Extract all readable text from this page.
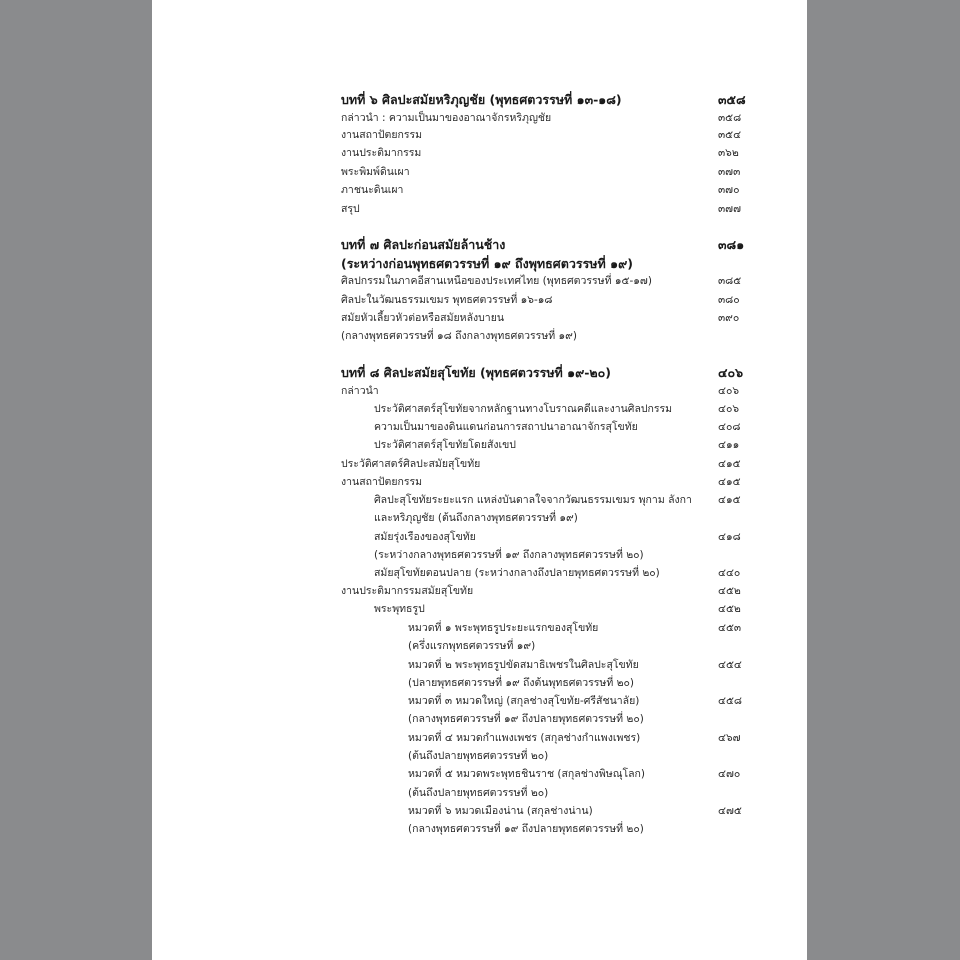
บทที่ ๖ ศิลปะสมัยหริภุญชัย (พุทธศตวรรษที่ ๑๓-๑๘)	๓๕๘
กล่าวนำ : ความเป็นมาของอาณาจักรหริภุญชัย	๓๕๘
งานสถาปัตยกรรม	๓๕๔
งานประติมากรรม	๓๖๒
พระพิมพ์ดินเผา	๓๗๓
ภาชนะดินเผา	๓๗๐
สรุป	๓๗๗
บทที่ ๗ ศิลปะก่อนสมัยล้านช้าง	๓๘๑
(ระหว่างก่อนพุทธศตวรรษที่ ๑๙ ถึงพุทธศตวรรษที่ ๑๙)
ศิลปกรรมในภาคอีสานเหนือของประเทศไทย (พุทธศตวรรษที่ ๑๕-๑๗)	๓๘๕
ศิลปะในวัฒนธรรมเขมร พุทธศตวรรษที่ ๑๖-๑๘	๓๘๐
สมัยหัวเลี้ยวหัวต่อหรือสมัยหลังบายน	๓๙๐
(กลางพุทธศตวรรษที่ ๑๘ ถึงกลางพุทธศตวรรษที่ ๑๙)
บทที่ ๘ ศิลปะสมัยสุโขทัย (พุทธศตวรรษที่ ๑๙-๒๐)	๔๐๖
กล่าวนำ	๔๐๖
ประวัติศาสตร์สุโขทัยจากหลักฐานทางโบราณคดีและงานศิลปกรรม	๔๐๖
ความเป็นมาของดินแดนก่อนการสถาปนาอาณาจักรสุโขทัย	๔๐๘
ประวัติศาสตร์สุโขทัยโดยสังเขป	๔๑๑
ประวัติศาสตร์ศิลปะสมัยสุโขทัย	๔๑๕
งานสถาปัตยกรรม	๔๑๕
ศิลปะสุโขทัยระยะแรก แหล่งบันดาลใจจากวัฒนธรรมเขมร พุกาม ลังกา ๔๑๕
และหริภุญชัย (ต้นถึงกลางพุทธศตวรรษที่ ๑๙)
สมัยรุ่งเรืองของสุโขทัย	๔๑๘
(ระหว่างกลางพุทธศตวรรษที่ ๑๙ ถึงกลางพุทธศตวรรษที่ ๒๐)
สมัยสุโขทัยตอนปลาย (ระหว่างกลางถึงปลายพุทธศตวรรษที่ ๒๐)	๔๔๐
งานประติมากรรมสมัยสุโขทัย	๔๕๒
พระพุทธรูป	๔๕๒
หมวดที่ ๑ พระพุทธรูประยะแรกของสุโขทัย	๔๕๓
(ครึ่งแรกพุทธศตวรรษที่ ๑๙)
หมวดที่ ๒ พระพุทธรูปขัดสมาธิเพชรในศิลปะสุโขทัย	๔๕๔
(ปลายพุทธศตวรรษที่ ๑๙ ถึงต้นพุทธศตวรรษที่ ๒๐)
หมวดที่ ๓ หมวดใหญ่ (สกุลช่างสุโขทัย-ศรีสัชนาลัย)	๔๕๘
(กลางพุทธศตวรรษที่ ๑๙ ถึงปลายพุทธศตวรรษที่ ๒๐)
หมวดที่ ๔ หมวดกำแพงเพชร (สกุลช่างกำแพงเพชร)	๔๖๗
(ต้นถึงปลายพุทธศตวรรษที่ ๒๐)
หมวดที่ ๕ หมวดพระพุทธชินราช (สกุลช่างพิษณุโลก)	๔๗๐
(ต้นถึงปลายพุทธศตวรรษที่ ๒๐)
หมวดที่ ๖ หมวดเมืองน่าน (สกุลช่างน่าน)	๔๗๕
(กลางพุทธศตวรรษที่ ๑๙ ถึงปลายพุทธศตวรรษที่ ๒๐)
